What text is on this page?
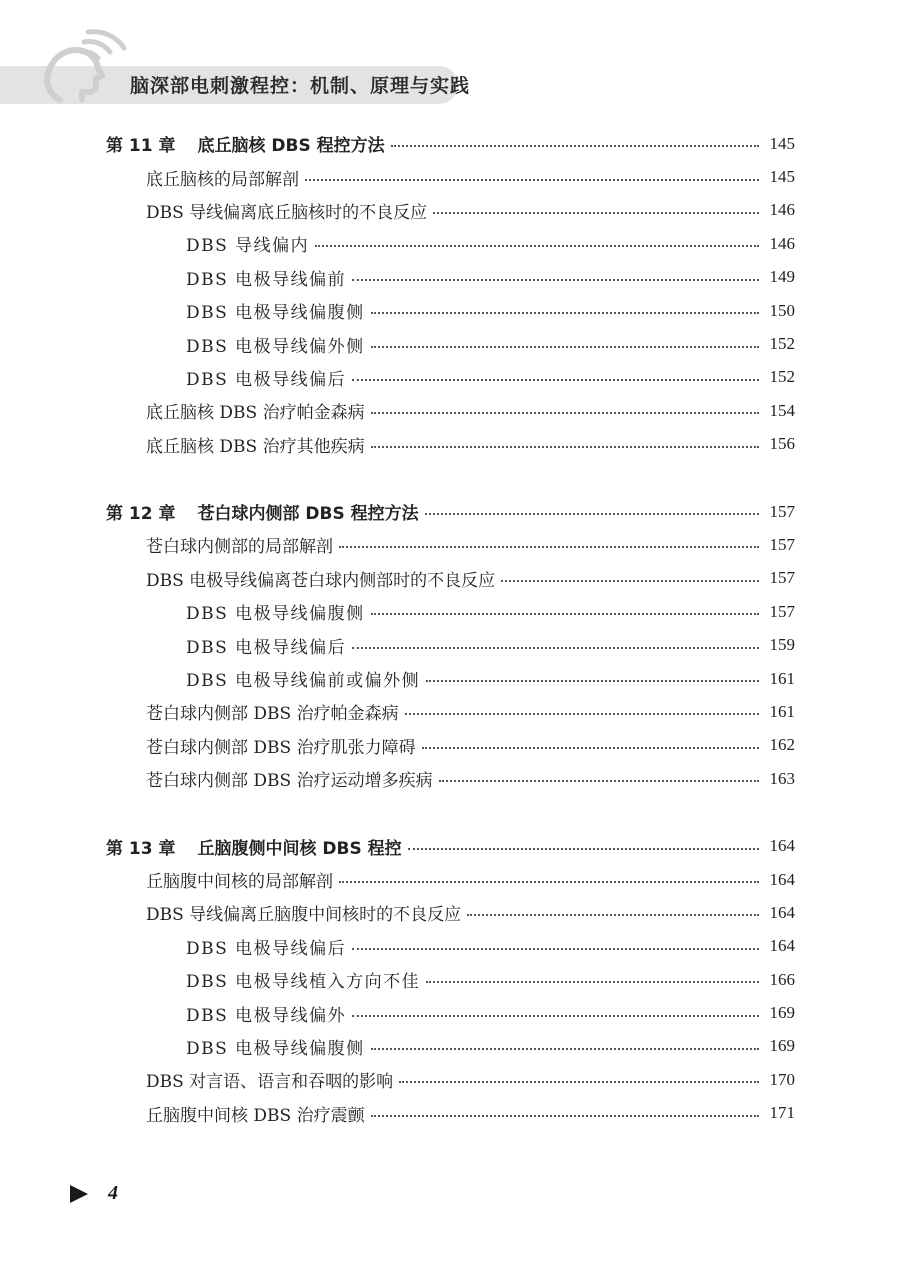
脑深部电刺激程控：机制、原理与实践
第 11 章 底丘脑核 DBS 程控方法	145
底丘脑核的局部解剖	145
DBS 导线偏离底丘脑核时的不良反应	146
DBS 导线偏内	146
DBS 电极导线偏前	149
DBS 电极导线偏腹侧	150
DBS 电极导线偏外侧	152
DBS 电极导线偏后	152
底丘脑核 DBS 治疗帕金森病	154
底丘脑核 DBS 治疗其他疾病	156
第 12 章 苍白球内侧部 DBS 程控方法	157
苍白球内侧部的局部解剖	157
DBS 电极导线偏离苍白球内侧部时的不良反应	157
DBS 电极导线偏腹侧	157
DBS 电极导线偏后	159
DBS 电极导线偏前或偏外侧	161
苍白球内侧部 DBS 治疗帕金森病	161
苍白球内侧部 DBS 治疗肌张力障碍	162
苍白球内侧部 DBS 治疗运动增多疾病	163
第 13 章 丘脑腹侧中间核 DBS 程控	164
丘脑腹中间核的局部解剖	164
DBS 导线偏离丘脑腹中间核时的不良反应	164
DBS 电极导线偏后	164
DBS 电极导线植入方向不佳	166
DBS 电极导线偏外	169
DBS 电极导线偏腹侧	169
DBS 对言语、语言和吞咽的影响	170
丘脑腹中间核 DBS 治疗震颤	171
4
